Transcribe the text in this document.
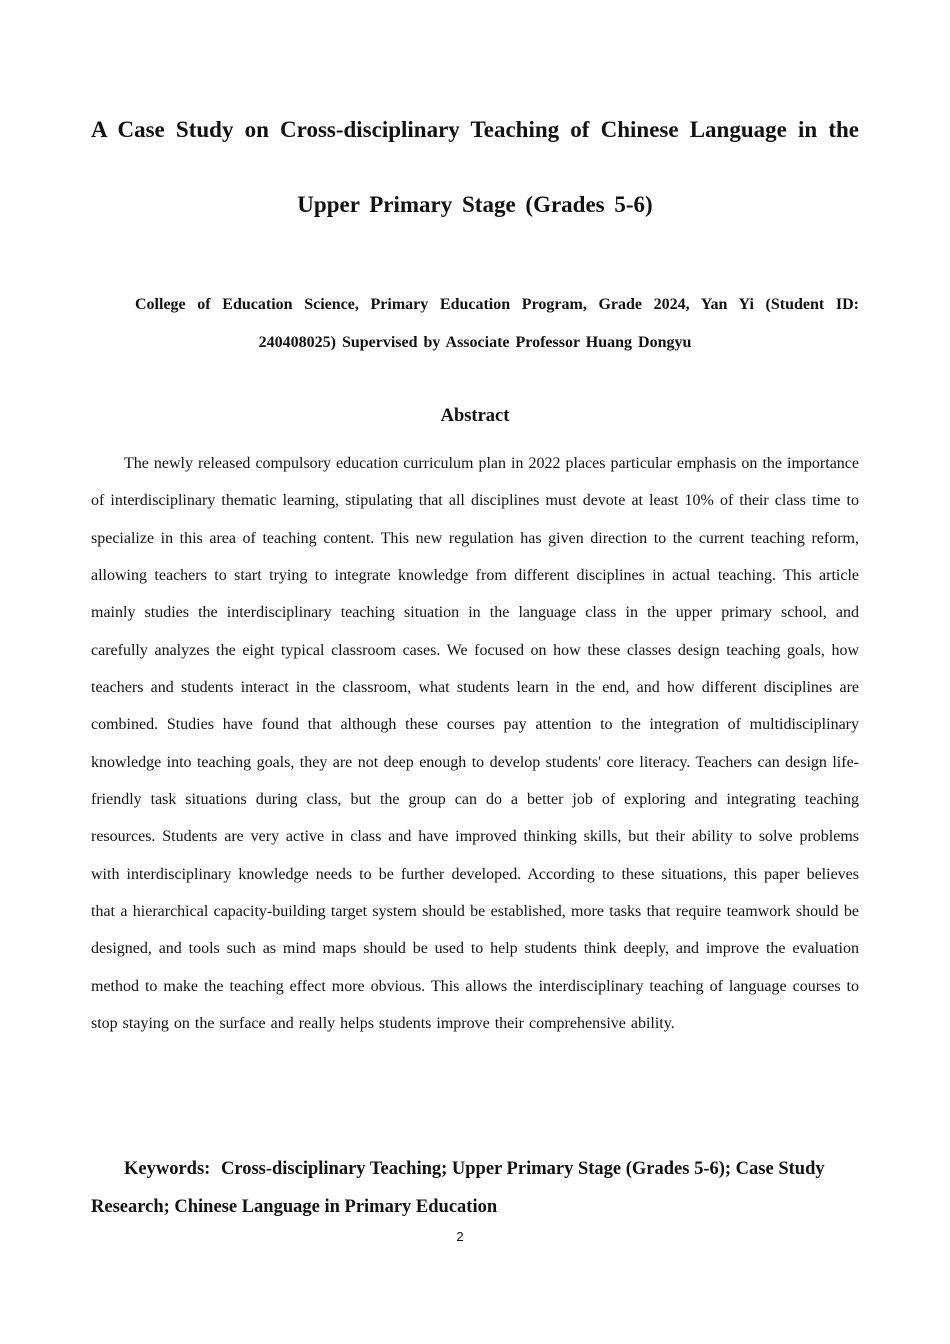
A Case Study on Cross-disciplinary Teaching of Chinese Language in the Upper Primary Stage (Grades 5-6)

College of Education Science, Primary Education Program, Grade 2024, Yan Yi (Student ID: 240408025) Supervised by Associate Professor Huang Dongyu

Abstract

The newly released compulsory education curriculum plan in 2022 places particular emphasis on the importance of interdisciplinary thematic learning, stipulating that all disciplines must devote at least 10% of their class time to specialize in this area of teaching content. This new regulation has given direction to the current teaching reform, allowing teachers to start trying to integrate knowledge from different disciplines in actual teaching. This article mainly studies the interdisciplinary teaching situation in the language class in the upper primary school, and carefully analyzes the eight typical classroom cases. We focused on how these classes design teaching goals, how teachers and students interact in the classroom, what students learn in the end, and how different disciplines are combined. Studies have found that although these courses pay attention to the integration of multidisciplinary knowledge into teaching goals, they are not deep enough to develop students' core literacy. Teachers can design life-friendly task situations during class, but the group can do a better job of exploring and integrating teaching resources. Students are very active in class and have improved thinking skills, but their ability to solve problems with interdisciplinary knowledge needs to be further developed. According to these situations, this paper believes that a hierarchical capacity-building target system should be established, more tasks that require teamwork should be designed, and tools such as mind maps should be used to help students think deeply, and improve the evaluation method to make the teaching effect more obvious. This allows the interdisciplinary teaching of language courses to stop staying on the surface and really helps students improve their comprehensive ability.

Keywords: Cross-disciplinary Teaching; Upper Primary Stage (Grades 5-6); Case Study Research; Chinese Language in Primary Education

2
